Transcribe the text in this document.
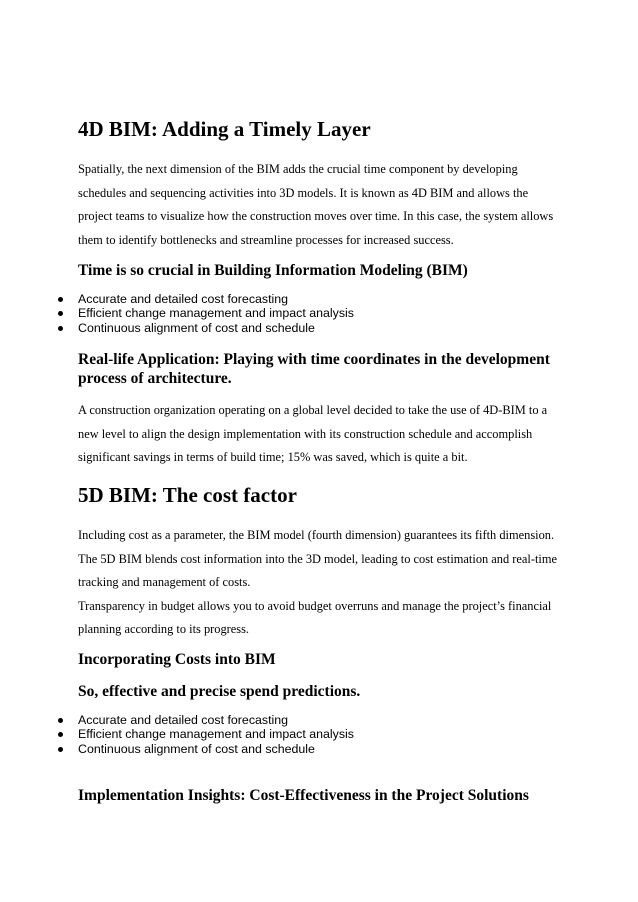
4D BIM: Adding a Timely Layer

Spatially, the next dimension of the BIM adds the crucial time component by developing
schedules and sequencing activities into 3D models. It is known as 4D BIM and allows the
project teams to visualize how the construction moves over time. In this case, the system allows
them to identify bottlenecks and streamline processes for increased success.

Time is so crucial in Building Information Modeling (BIM)
Accurate and detailed cost forecasting
Efficient change management and impact analysis
Continuous alignment of cost and schedule
Real-life Application: Playing with time coordinates in the development
process of architecture.

A construction organization operating on a global level decided to take the use of 4D-BIM to a
new level to align the design implementation with its construction schedule and accomplish
significant savings in terms of build time; 15% was saved, which is quite a bit.

5D BIM: The cost factor

Including cost as a parameter, the BIM model (fourth dimension) guarantees its fifth dimension.
The 5D BIM blends cost information into the 3D model, leading to cost estimation and real-time
tracking and management of costs.
Transparency in budget allows you to avoid budget overruns and manage the project’s financial
planning according to its progress.

Incorporating Costs into BIM
So, effective and precise spend predictions.
Accurate and detailed cost forecasting
Efficient change management and impact analysis
Continuous alignment of cost and schedule
Implementation Insights: Cost-Effectiveness in the Project Solutions
